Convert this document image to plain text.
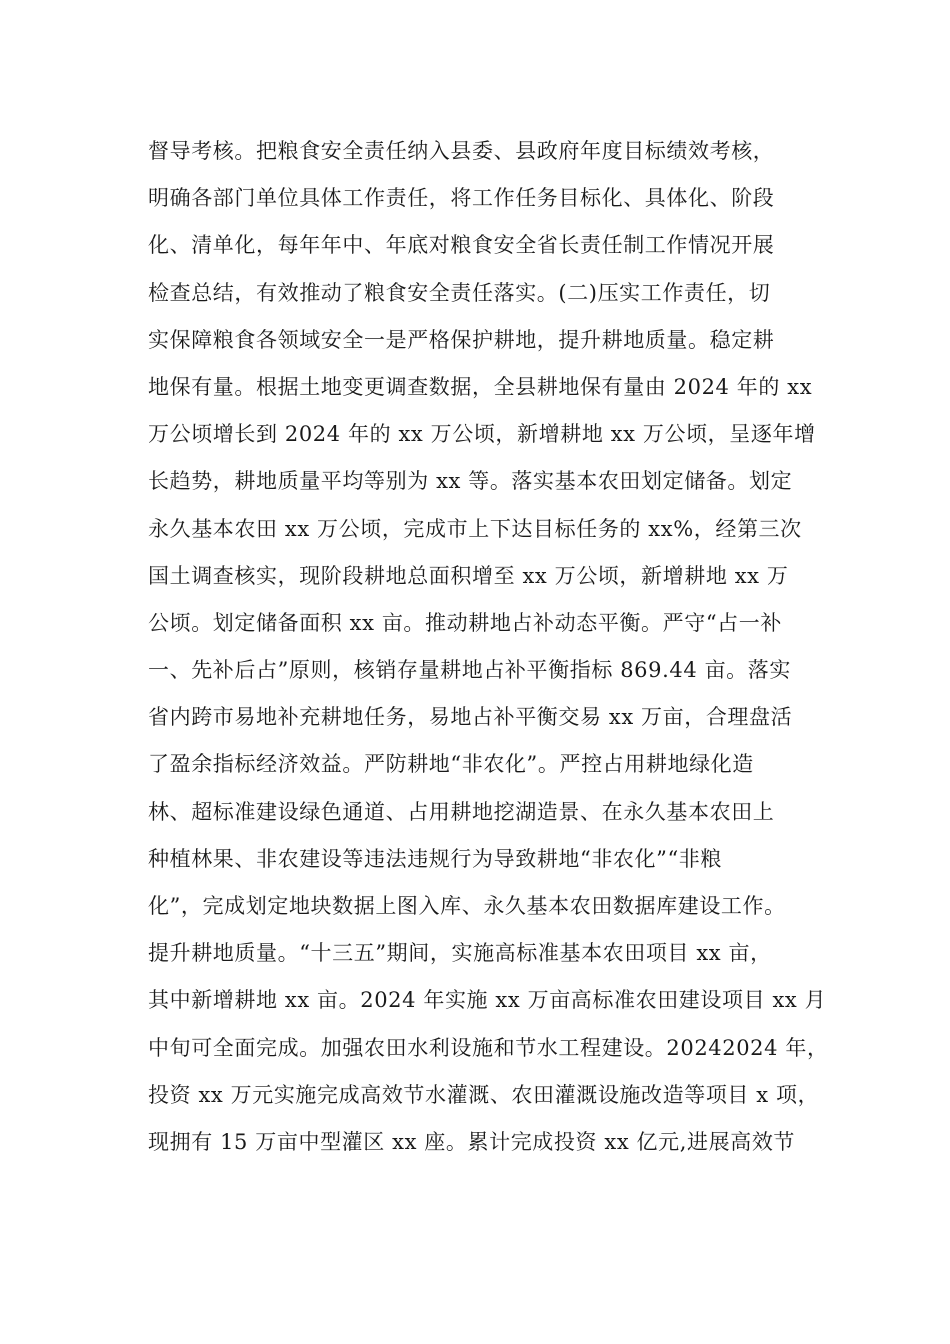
督导考核。把粮食安全责任纳入县委、县政府年度目标绩效考核，
明确各部门单位具体工作责任，将工作任务目标化、具体化、阶段
化、清单化，每年年中、年底对粮食安全省长责任制工作情况开展
检查总结，有效推动了粮食安全责任落实。(二)压实工作责任，切
实保障粮食各领域安全一是严格保护耕地，提升耕地质量。稳定耕
地保有量。根据土地变更调查数据，全县耕地保有量由 2024 年的 xx
万公顷增长到 2024 年的 xx 万公顷，新增耕地 xx 万公顷，呈逐年增
长趋势，耕地质量平均等别为 xx 等。落实基本农田划定储备。划定
永久基本农田 xx 万公顷，完成市上下达目标任务的 xx%，经第三次
国土调查核实，现阶段耕地总面积增至 xx 万公顷，新增耕地 xx 万
公顷。划定储备面积 xx 亩。推动耕地占补动态平衡。严守“占一补
一、先补后占”原则，核销存量耕地占补平衡指标 869.44 亩。落实
省内跨市易地补充耕地任务，易地占补平衡交易 xx 万亩，合理盘活
了盈余指标经济效益。严防耕地“非农化”。严控占用耕地绿化造
林、超标准建设绿色通道、占用耕地挖湖造景、在永久基本农田上
种植林果、非农建设等违法违规行为导致耕地“非农化”“非粮
化”，完成划定地块数据上图入库、永久基本农田数据库建设工作。
提升耕地质量。“十三五”期间，实施高标准基本农田项目 xx 亩，
其中新增耕地 xx 亩。2024 年实施 xx 万亩高标准农田建设项目 xx 月
中旬可全面完成。加强农田水利设施和节水工程建设。20242024 年，
投资 xx 万元实施完成高效节水灌溉、农田灌溉设施改造等项目 x 项，
现拥有 15 万亩中型灌区 xx 座。累计完成投资 xx 亿元,进展高效节
